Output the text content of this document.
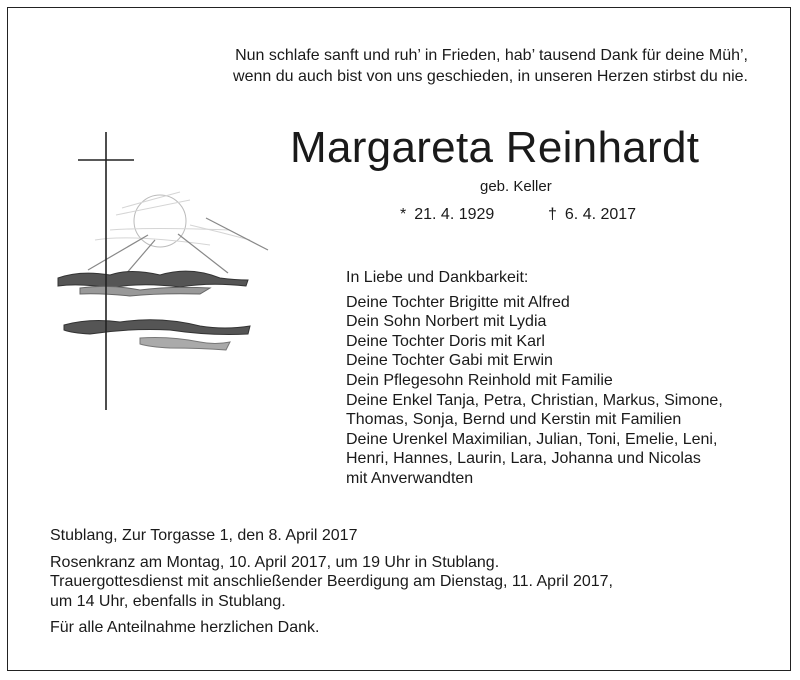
Nun schlafe sanft und ruh’ in Frieden, hab’ tausend Dank für deine Müh’,
wenn du auch bist von uns geschieden, in unseren Herzen stirbst du nie.
Margareta Reinhardt
geb. Keller
* 21. 4. 1929	† 6. 4. 2017
In Liebe und Dankbarkeit:
Deine Tochter Brigitte mit Alfred
Dein Sohn Norbert mit Lydia
Deine Tochter Doris mit Karl
Deine Tochter Gabi mit Erwin
Dein Pflegesohn Reinhold mit Familie
Deine Enkel Tanja, Petra, Christian, Markus, Simone,
Thomas, Sonja, Bernd und Kerstin mit Familien
Deine Urenkel Maximilian, Julian, Toni, Emelie, Leni,
Henri, Hannes, Laurin, Lara, Johanna und Nicolas
mit Anverwandten
Stublang, Zur Torgasse 1, den 8. April 2017
Rosenkranz am Montag, 10. April 2017, um 19 Uhr in Stublang.
Trauergottesdienst mit anschließender Beerdigung am Dienstag, 11. April 2017,
um 14 Uhr, ebenfalls in Stublang.
Für alle Anteilnahme herzlichen Dank.
